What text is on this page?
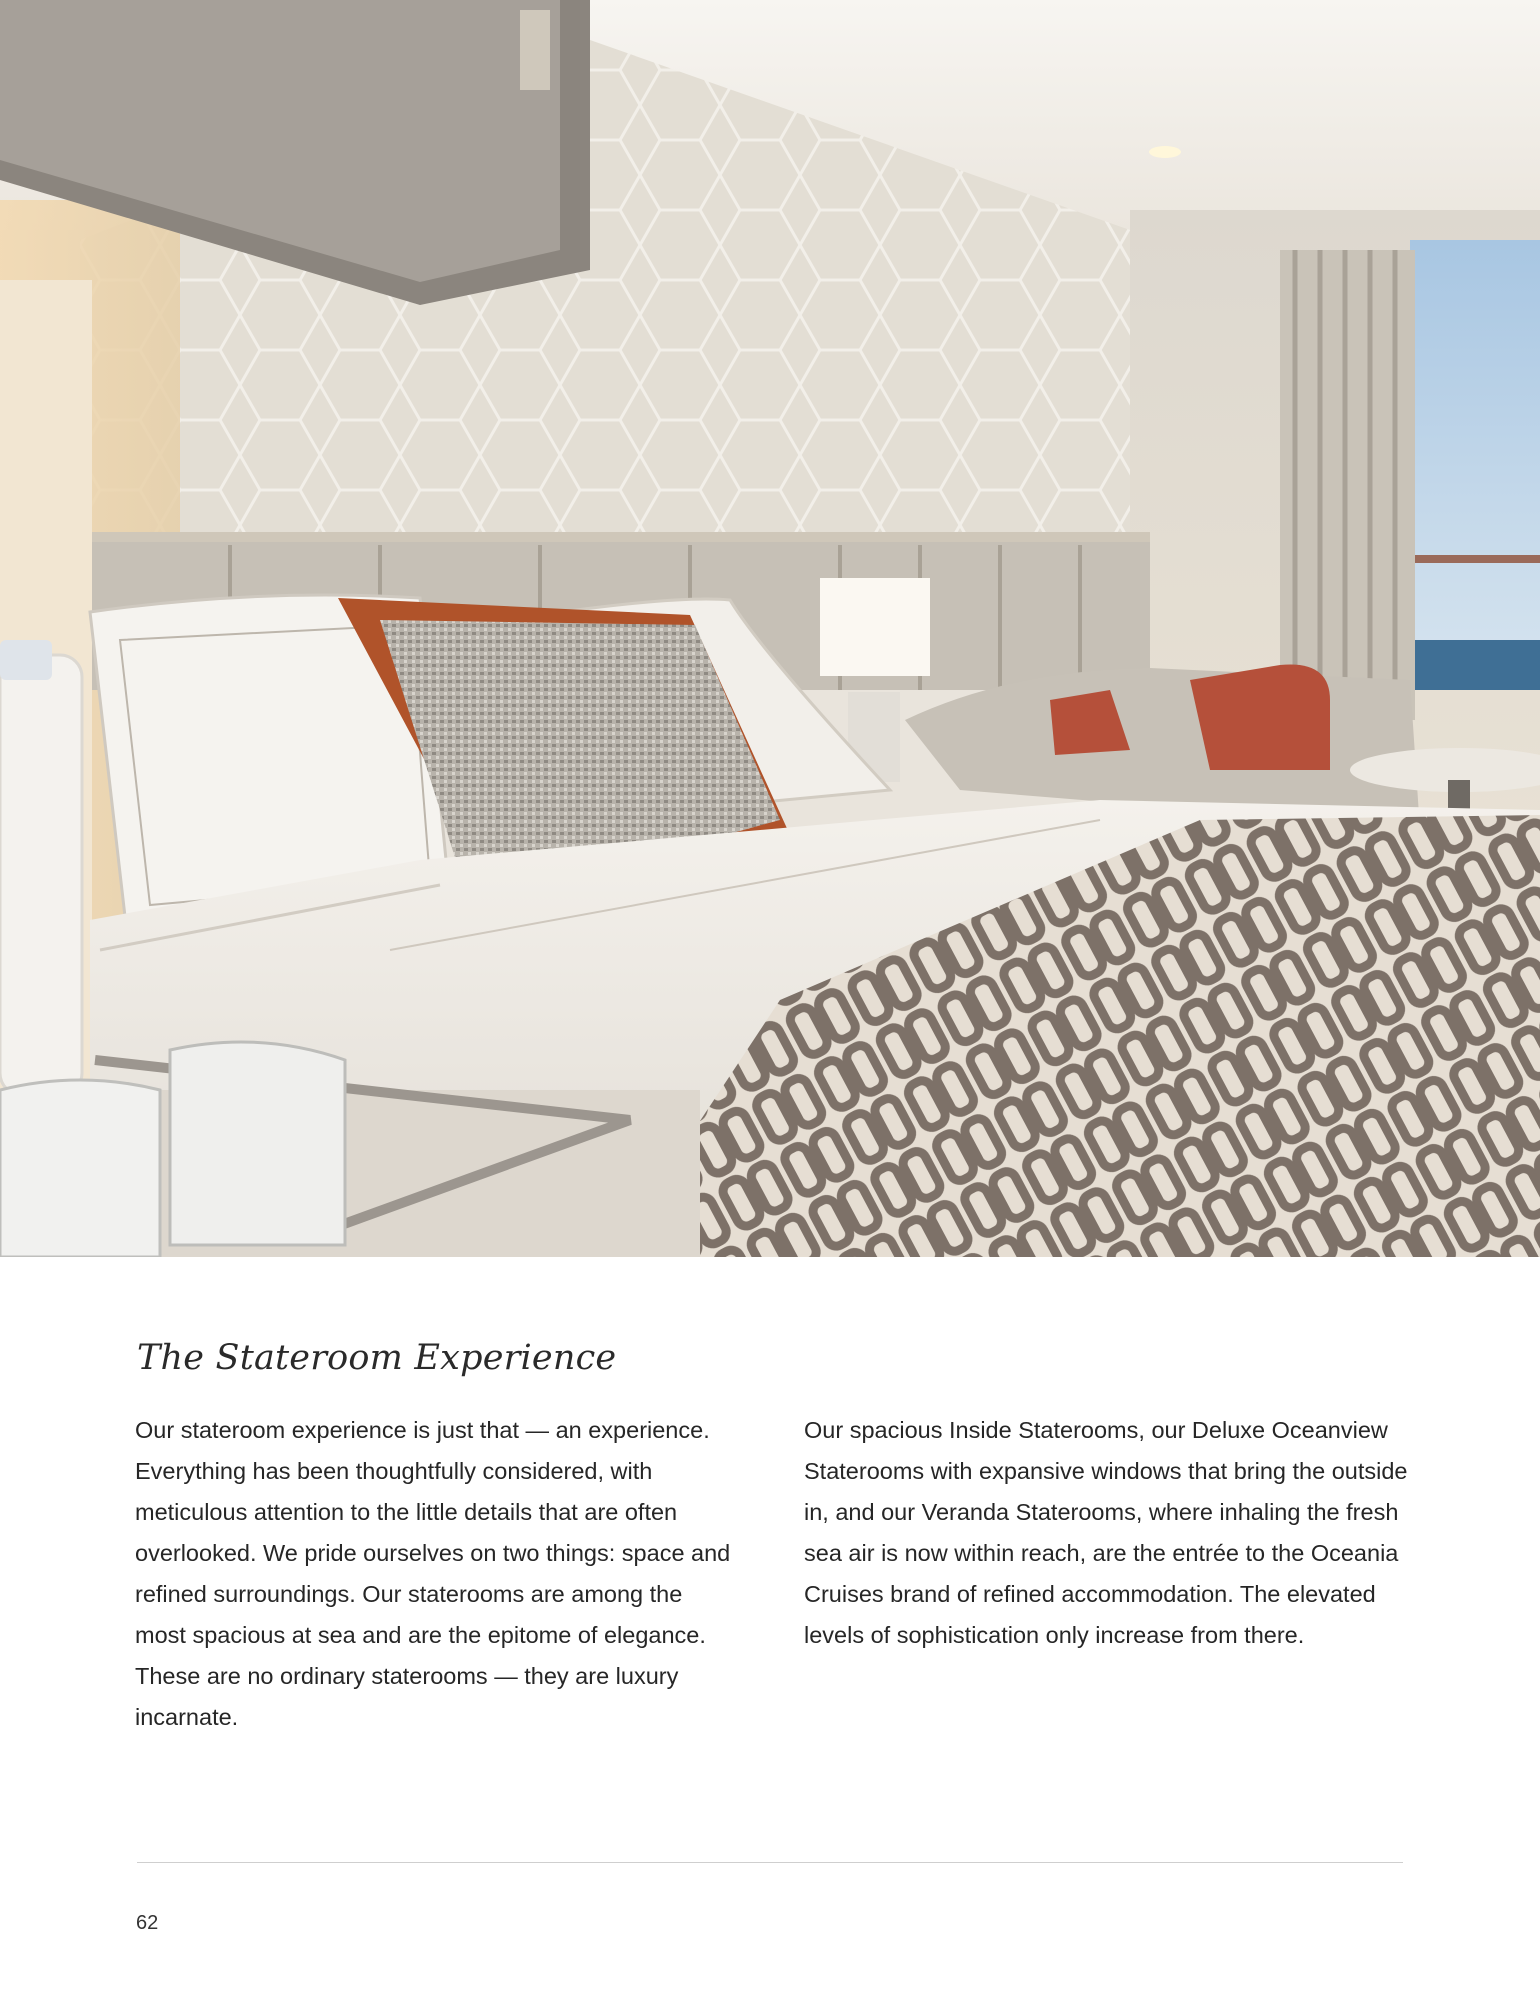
The Stateroom Experience

Our stateroom experience is just that — an experience. Everything has been thoughtfully considered, with meticulous attention to the little details that are often overlooked. We pride ourselves on two things: space and refined surroundings. Our staterooms are among the most spacious at sea and are the epitome of elegance. These are no ordinary staterooms — they are luxury incarnate.

Our spacious Inside Staterooms, our Deluxe Oceanview Staterooms with expansive windows that bring the outside in, and our Veranda Staterooms, where inhaling the fresh sea air is now within reach, are the entrée to the Oceania Cruises brand of refined accommodation. The elevated levels of sophistication only increase from there.

62
